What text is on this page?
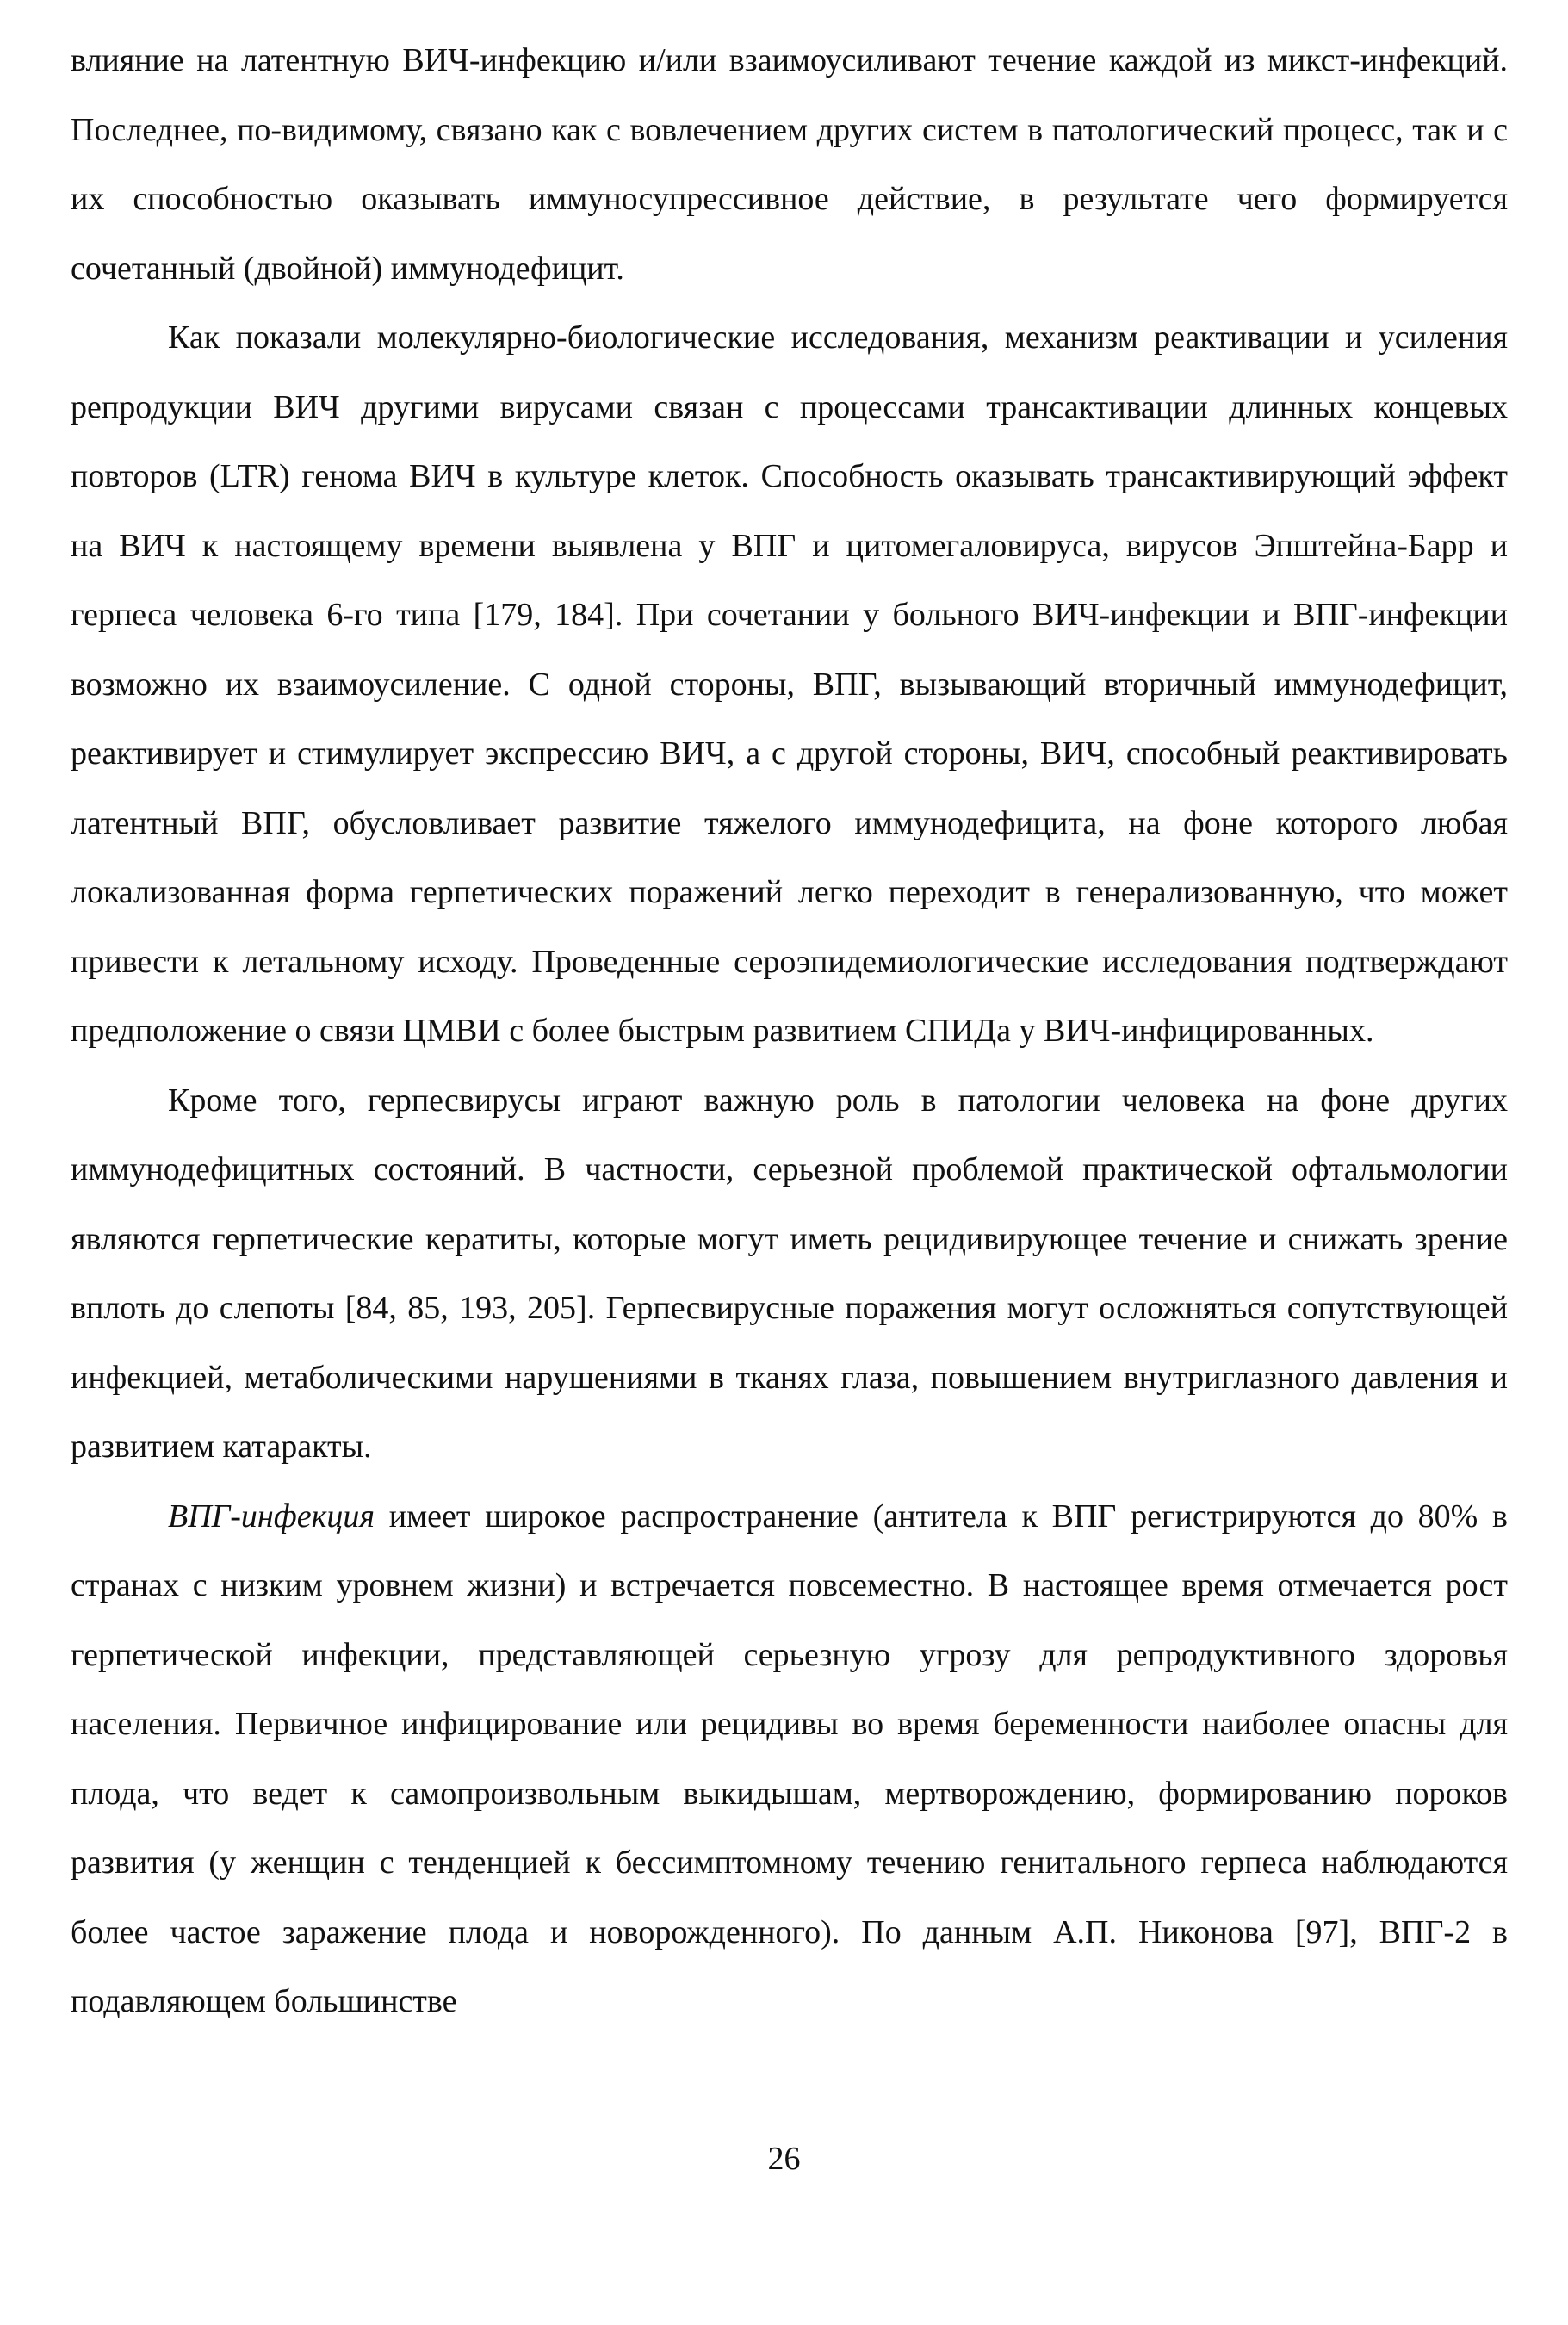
влияние на латентную ВИЧ-инфекцию и/или взаимоусиливают течение каждой из микст-инфекций. Последнее, по-видимому, связано как с вовлечением других систем в патологический процесс, так и с их способностью оказывать иммуносупрессивное действие, в результате чего формируется сочетанный (двойной) иммунодефицит.

Как показали молекулярно-биологические исследования, механизм реактивации и усиления репродукции ВИЧ другими вирусами связан с процессами трансактивации длинных концевых повторов (LTR) генома ВИЧ в культуре клеток. Способность оказывать трансактивирующий эффект на ВИЧ к настоящему времени выявлена у ВПГ и цитомегаловируса, вирусов Эпштейна-Барр и герпеса человека 6-го типа [179, 184]. При сочетании у больного ВИЧ-инфекции и ВПГ-инфекции возможно их взаимоусиление. С одной стороны, ВПГ, вызывающий вторичный иммунодефицит, реактивирует и стимулирует экспрессию ВИЧ, а с другой стороны, ВИЧ, способный реактивировать латентный ВПГ, обусловливает развитие тяжелого иммунодефицита, на фоне которого любая локализованная форма герпетических поражений легко переходит в генерализованную, что может привести к летальному исходу. Проведенные сероэпидемиологические исследования подтверждают предположение о связи ЦМВИ с более быстрым развитием СПИДа у ВИЧ-инфицированных.

Кроме того, герпесвирусы играют важную роль в патологии человека на фоне других иммунодефицитных состояний. В частности, серьезной проблемой практической офтальмологии являются герпетические кератиты, которые могут иметь рецидивирующее течение и снижать зрение вплоть до слепоты [84, 85, 193, 205]. Герпесвирусные поражения могут осложняться сопутствующей инфекцией, метаболическими нарушениями в тканях глаза, повышением внутриглазного давления и развитием катаракты.

ВПГ-инфекция имеет широкое распространение (антитела к ВПГ регистрируются до 80% в странах с низким уровнем жизни) и встречается повсеместно. В настоящее время отмечается рост герпетической инфекции, представляющей серьезную угрозу для репродуктивного здоровья населения. Первичное инфицирование или рецидивы во время беременности наиболее опасны для плода, что ведет к самопроизвольным выкидышам, мертворождению, формированию пороков развития (у женщин с тенденцией к бессимптомному течению генитального герпеса наблюдаются более частое заражение плода и новорожденного). По данным А.П. Никонова [97], ВПГ-2 в подавляющем большинстве

26
